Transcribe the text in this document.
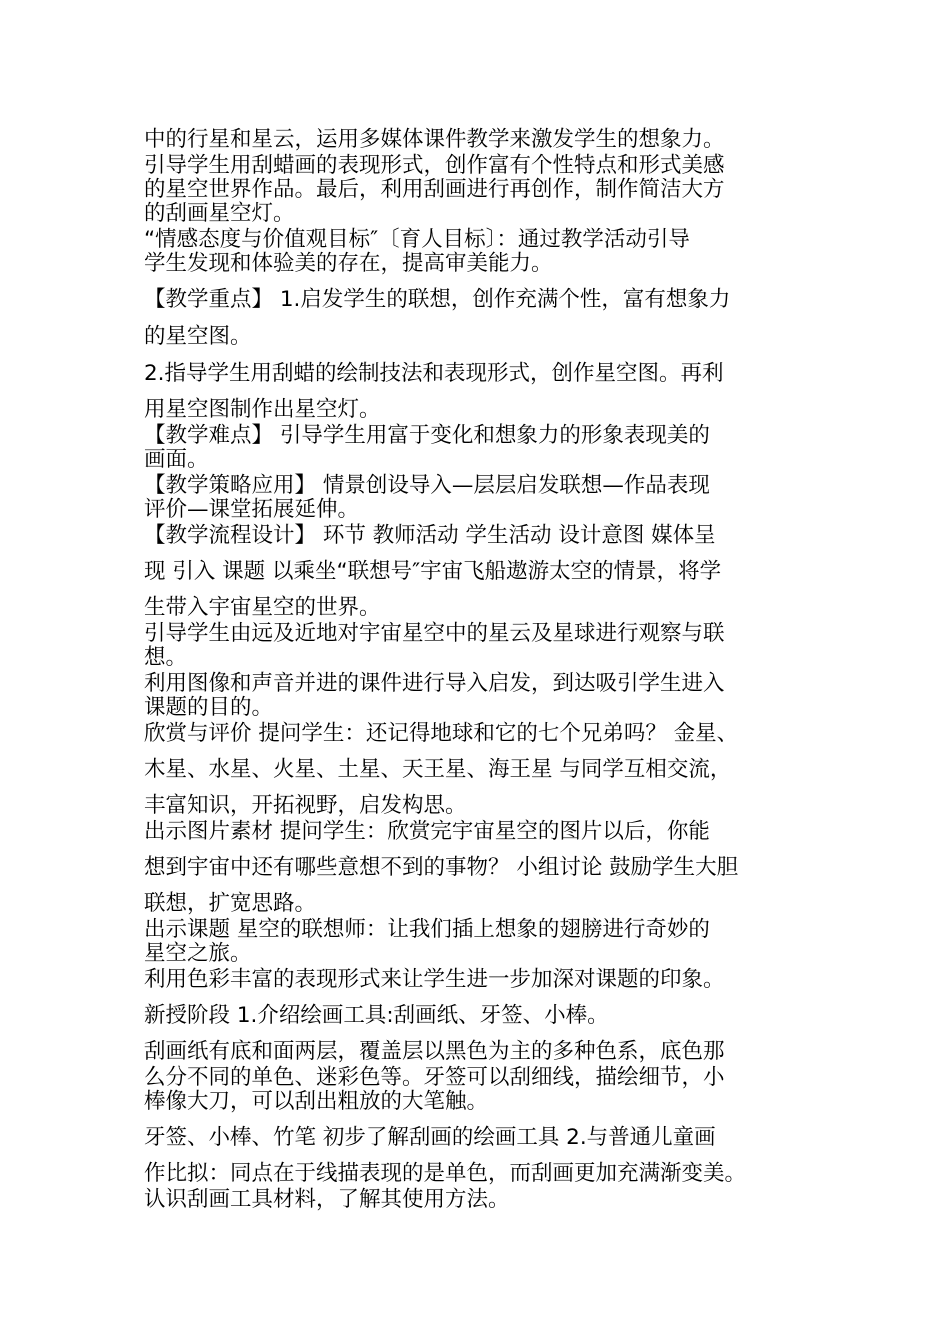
中的行星和星云，运用多媒体课件教学来激发学生的想象力。
引导学生用刮蜡画的表现形式，创作富有个性特点和形式美感
的星空世界作品。最后，利用刮画进行再创作，制作简洁大方
的刮画星空灯。
“情感态度与价值观目标″〔育人目标〕：通过教学活动引导
学生发现和体验美的存在，提高审美能力。
【教学重点】 1.启发学生的联想，创作充满个性，富有想象力
的星空图。
2.指导学生用刮蜡的绘制技法和表现形式，创作星空图。再利
用星空图制作出星空灯。
【教学难点】 引导学生用富于变化和想象力的形象表现美的
画面。
【教学策略应用】 情景创设导入—层层启发联想—作品表现
评价—课堂拓展延伸。
【教学流程设计】 环节 教师活动 学生活动 设计意图 媒体呈
现 引入 课题 以乘坐“联想号″宇宙飞船遨游太空的情景，将学
生带入宇宙星空的世界。
引导学生由远及近地对宇宙星空中的星云及星球进行观察与联
想。
利用图像和声音并进的课件进行导入启发，到达吸引学生进入
课题的目的。
欣赏与评价 提问学生：还记得地球和它的七个兄弟吗？ 金星、
木星、水星、火星、土星、天王星、海王星 与同学互相交流，
丰富知识，开拓视野，启发构思。
出示图片素材 提问学生：欣赏完宇宙星空的图片以后，你能
想到宇宙中还有哪些意想不到的事物？ 小组讨论 鼓励学生大胆
联想，扩宽思路。
出示课题 星空的联想师：让我们插上想象的翅膀进行奇妙的
星空之旅。
利用色彩丰富的表现形式来让学生进一步加深对课题的印象。
新授阶段 1.介绍绘画工具:刮画纸、牙签、小棒。
刮画纸有底和面两层，覆盖层以黑色为主的多种色系，底色那
么分不同的单色、迷彩色等。牙签可以刮细线，描绘细节，小
棒像大刀，可以刮出粗放的大笔触。
牙签、小棒、竹笔 初步了解刮画的绘画工具 2.与普通儿童画
作比拟：同点在于线描表现的是单色，而刮画更加充满渐变美。
认识刮画工具材料，了解其使用方法。
